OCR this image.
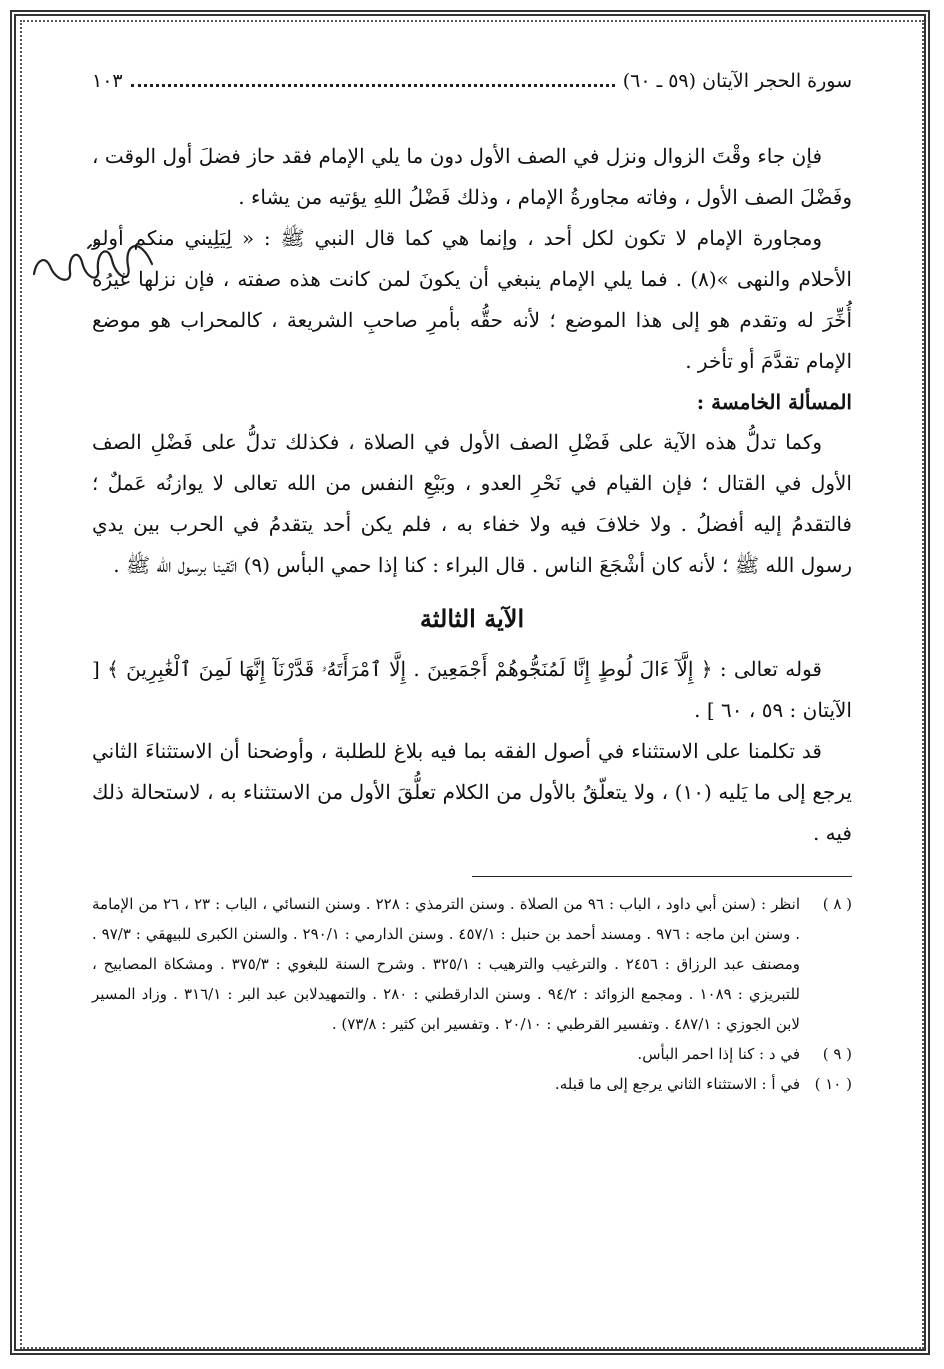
سورة الحجر الآيتان (٥٩ ـ ٦٠)
١٠٣

فإن جاء وقْتَ الزوال ونزل في الصف الأول دون ما يلي الإمام فقد حاز فضلَ أول الوقت ، وفَضْلَ الصف الأول ، وفاته مجاورةُ الإمام ، وذلك فَضْلُ اللهِ يؤتيه من يشاء .

ومجاورة الإمام لا تكون لكل أحد ، وإنما هي كما قال النبي ﷺ : « لِيَلِيني منكم أولو الأحلام والنهى »(٨) . فما يلي الإمام ينبغي أن يكونَ لمن كانت هذه صفته ، فإن نزلها غيرُه أُخِّرَ له وتقدم هو إلى هذا الموضع ؛ لأنه حقُّه بأمرِ صاحبِ الشريعة ، كالمحراب هو موضع الإمام تقدَّمَ أو تأخر .

المسألة الخامسة :

وكما تدلُّ هذه الآية على فَضْلِ الصف الأول في الصلاة ، فكذلك تدلُّ على فَضْلِ الصف الأول في القتال ؛ فإن القيام في نَحْرِ العدو ، وبَيْعِ النفس من الله تعالى لا يوازنُه عَملٌ ؛ فالتقدمُ إليه أفضلُ . ولا خلافَ فيه ولا خفاء به ، فلم يكن أحد يتقدمُ في الحرب بين يدي رسول الله ﷺ ؛ لأنه كان أشْجَعَ الناس . قال البراء : كنا إذا حمي البأس (٩) اتّقينا برسول الله ﷺ .

الآية الثالثة

قوله تعالى : ﴿ إِلَّآ ءَالَ لُوطٍ إِنَّا لَمُنَجُّوهُمْ أَجْمَعِينَ . إِلَّا ٱمْرَأَتَهُۥ قَدَّرْنَآ إِنَّهَا لَمِنَ ٱلْغَٰبِرِينَ ﴾ [ الآيتان : ٥٩ ، ٦٠ ] .

قد تكلمنا على الاستثناء في أصول الفقه بما فيه بلاغ للطلبة ، وأوضحنا أن الاستثناءَ الثاني يرجع إلى ما يَليه (١٠) ، ولا يتعلّقُ بالأول من الكلام تعلُّقَ الأول من الاستثناء به ، لاستحالة ذلك فيه .

( ٨ )
انظر : (سنن أبي داود ، الباب : ٩٦ من الصلاة . وسنن الترمذي : ٢٢٨ . وسنن النسائي ، الباب : ٢٣ ، ٢٦ من الإمامة . وسنن ابن ماجه : ٩٧٦ . ومسند أحمد بن حنبل : ٤٥٧/١ . وسنن الدارمي : ٢٩٠/١ . والسنن الكبرى للبيهقي : ٩٧/٣ . ومصنف عبد الرزاق : ٢٤٥٦ . والترغيب والترهيب : ٣٢٥/١ . وشرح السنة للبغوي : ٣٧٥/٣ . ومشكاة المصابيح ، للتبريزي : ١٠٨٩ . ومجمع الزوائد : ٩٤/٢ . وسنن الدارقطني : ٢٨٠ . والتمهيدلابن عبد البر : ٣١٦/١ . وزاد المسير لابن الجوزي : ٤٨٧/١ . وتفسير القرطبي : ٢٠/١٠ . وتفسير ابن كثير : ٧٣/٨) .
( ٩ )
في د : كنا إذا احمر البأس.
( ١٠ )
في أ : الاستثناء الثاني يرجع إلى ما قبله.
